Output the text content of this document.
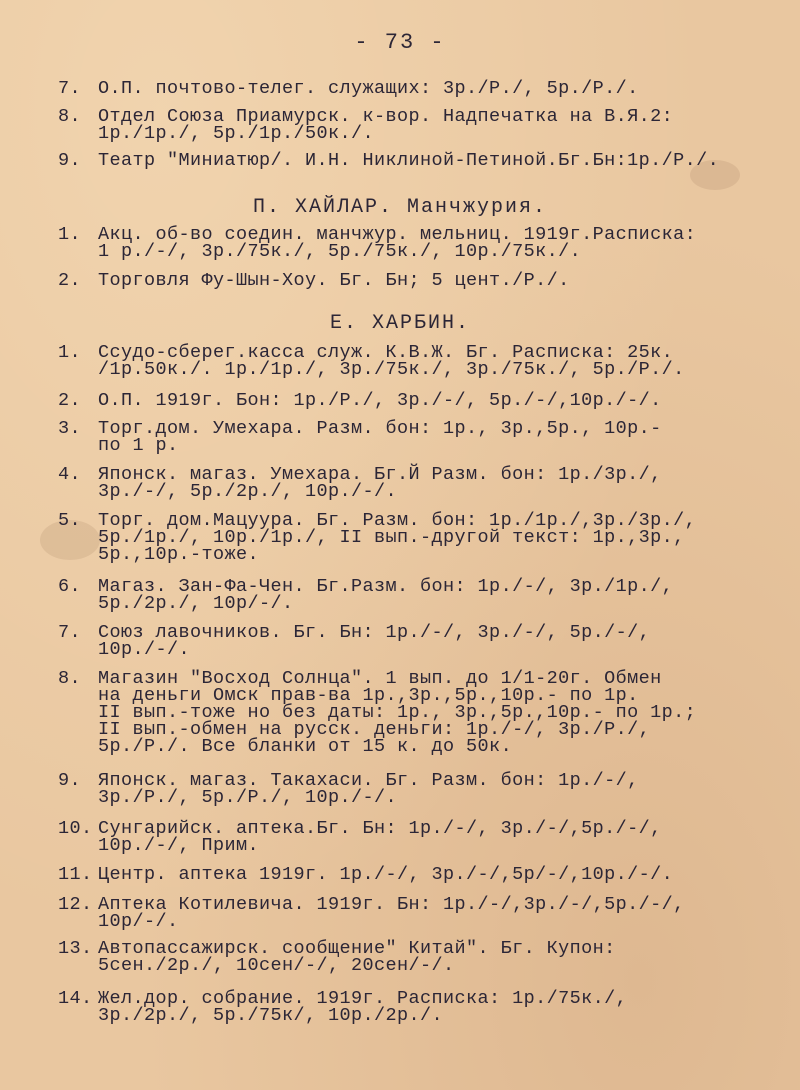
- 73 -
7. О.П. почтово-телег. служащих: 3р./Р./, 5р./Р./.
8. Отдел Союза Приамурск. к-вор. Надпечатка на В.Я.2:
1р./1р./, 5р./1р./50к./.
9. Театр "Миниатюр/. И.Н. Никлиной-Петиной.Бг.Бн:1р./Р./.
П. ХАЙЛАР. Манчжурия.
1. Акц. об-во соедин. манчжур. мельниц. 1919г.Расписка:
1 р./-/, 3р./75к./, 5р./75к./, 10р./75к./.
2. Торговля Фу-Шын-Хоу. Бг. Бн; 5 цент./Р./.
Е. ХАРБИН.
1. Ссудо-сберег.касса служ. К.В.Ж. Бг. Расписка: 25к.
/1р.50к./. 1р./1р./, 3р./75к./, 3р./75к./, 5р./Р./.
2. О.П. 1919г. Бон: 1р./Р./, 3р./-/, 5р./-/,10р./-/.
3. Торг.дом. Умехара. Разм. бон: 1р., 3р.,5р., 10р.-
по 1 р.
4. Японск. магаз. Умехара. Бг.Й Разм. бон: 1р./3р./,
3р./-/, 5р./2р./, 10р./-/.
5. Торг. дом.Мацуура. Бг. Разм. бон: 1р./1р./,3р./3р./,
5р./1р./, 10р./1р./, II вып.-другой текст: 1р.,3р.,
5р.,10р.-тоже.
6. Магаз. Зан-Фа-Чен. Бг.Разм. бон: 1р./-/, 3р./1р./,
5р./2р./, 10р/-/.
7. Союз лавочников. Бг. Бн: 1р./-/, 3р./-/, 5р./-/,
10р./-/.
8. Магазин "Восход Солнца". 1 вып. до 1/1-20г. Обмен
на деньги Омск прав-ва 1р.,3р.,5р.,10р.- по 1р.
II вып.-тоже но без даты: 1р., 3р.,5р.,10р.- по 1р.;
II вып.-обмен на русск. деньги: 1р./-/, 3р./Р./,
5р./Р./. Все бланки от 15 к. до 50к.
9. Японск. магаз. Такахаси. Бг. Разм. бон: 1р./-/,
3р./Р./, 5р./Р./, 10р./-/.
10. Сунгарийск. аптека.Бг. Бн: 1р./-/, 3р./-/,5р./-/,
10р./-/, Прим.
11. Центр. аптека 1919г. 1р./-/, 3р./-/,5р/-/,10р./-/.
12. Аптека Котилевича. 1919г. Бн: 1р./-/,3р./-/,5р./-/,
10р/-/.
13. Автопассажирск. сообщение" Китай". Бг. Купон:
5сен./2р./, 10сен/-/, 20сен/-/.
14. Жел.дор. собрание. 1919г. Расписка: 1р./75к./,
3р./2р./, 5р./75к/, 10р./2р./.
